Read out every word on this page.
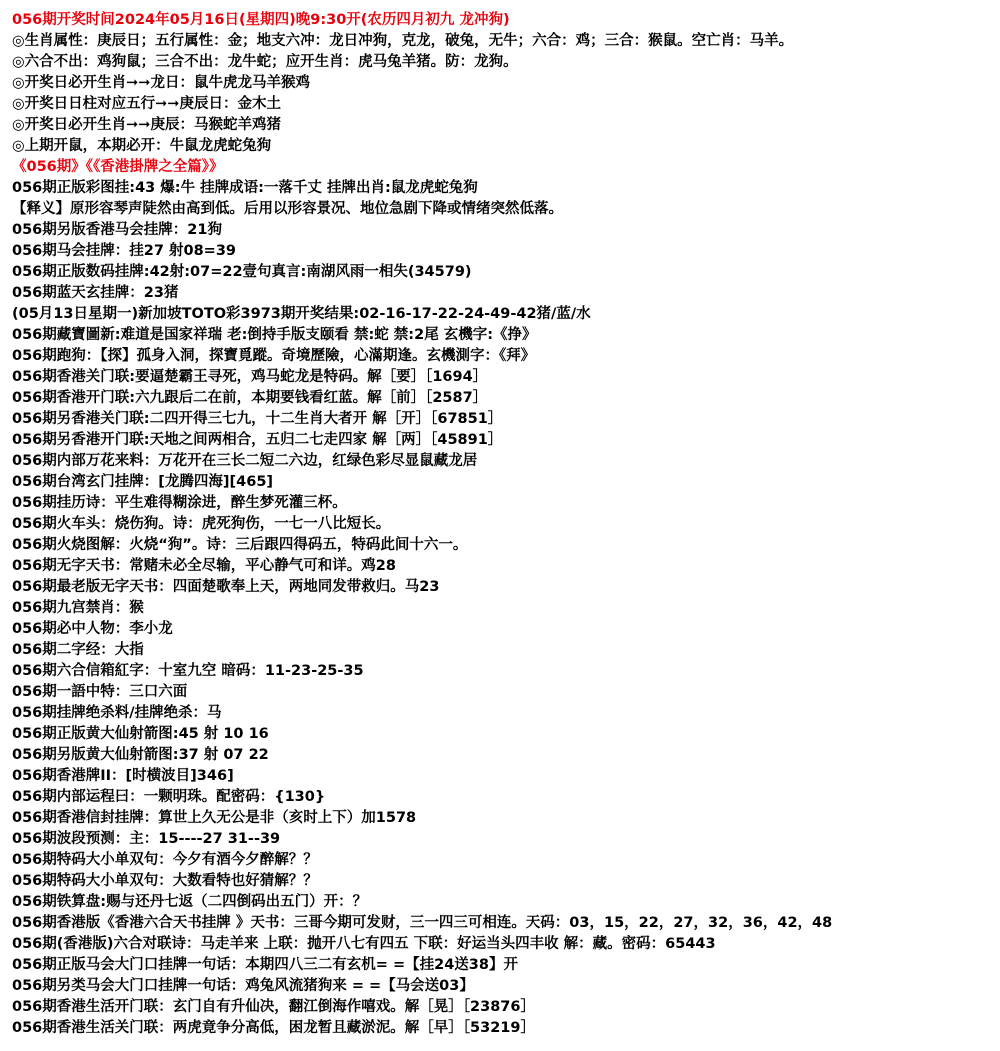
056期开奖时间2024年05月16日(星期四)晚9:30开(农历四月初九 龙冲狗)
◎生肖属性：庚辰日；五行属性：金；地支六冲：龙日冲狗，克龙，破兔，无牛；六合：鸡；三合：猴鼠。空亡肖：马羊。
◎六合不出：鸡狗鼠；三合不出：龙牛蛇；应开生肖：虎马兔羊猪。防：龙狗。
◎开奖日必开生肖➞➞龙日：鼠牛虎龙马羊猴鸡
◎开奖日日柱对应五行➞➞庚辰日：金木土
◎开奖日必开生肖➞➞庚辰：马猴蛇羊鸡猪
◎上期开鼠，本期必开：牛鼠龙虎蛇兔狗
《056期》《《香港掛牌之全篇》》
056期正版彩图挂:43 爆:牛 挂牌成语:一落千丈 挂牌出肖:鼠龙虎蛇兔狗
【释义】原形容琴声陡然由高到低。后用以形容景况、地位急剧下降或情绪突然低落。
056期另版香港马会挂牌：21狗
056期马会挂牌：挂27 射08=39
056期正版数码挂牌:42射:07=22壹句真言:南湖风雨一相失(34579)
056期蓝天玄挂牌：23猪
(05月13日星期一)新加坡TOTO彩3973期开奖结果:02-16-17-22-24-49-42猪/蓝/水
056期藏寶圖新:难道是国家祥瑞 老:倒持手版支颐看 禁:蛇 禁:2尾 玄機字:《挣》
056期跑狗：【探】孤身入洞，探寶覓蹤。奇境歷險，心滿期逢。玄機測字：《拜》
056期香港关门联:要逼楚霸王寻死，鸡马蛇龙是特码。解［要］［1694］
056期香港开门联:六九跟后二在前，本期要钱看红蓝。解［前］［2587］
056期另香港关门联:二四开得三七九，十二生肖大者开 解［开］［67851］
056期另香港开门联:天地之间两相合，五归二七走四家 解［两］［45891］
056期内部万花来料：万花开在三长二短二六边，红绿色彩尽显鼠藏龙居
056期台湾玄门挂牌：[龙腾四海][465]
056期挂历诗：平生难得糊涂进，醉生梦死灌三杯。
056期火车头：烧伤狗。诗：虎死狗伤，一七一八比短长。
056期火烧图解：火烧“狗”。诗：三后跟四得码五，特码此间十六一。
056期无字天书：常赌未必全尽输，平心静气可和详。鸡28
056期最老版无字天书：四面楚歌奉上天，两地同发带救归。马23
056期九宫禁肖：猴
056期必中人物：李小龙
056期二字经：大指
056期六合信箱紅字：十室九空 暗码：11-23-25-35
056期一語中特：三口六面
056期挂牌绝杀料/挂牌绝杀：马
056期正版黄大仙射箭图:45 射 10 16
056期另版黄大仙射箭图:37 射 07 22
056期香港牌II：[时横波目]346]
056期内部运程曰：一颗明珠。配密码：{130}
056期香港信封挂牌：算世上久无公是非（亥时上下）加1578
056期波段预测：主：15----27 31--39
056期特码大小单双句：今夕有酒今夕醉解？？
056期特码大小单双句：大数看特也好猜解？？
056期铁算盘:赐与还丹七返（二四倒码出五门）开：？
056期香港版《香港六合天书挂牌 》天书：三哥今期可发财，三一四三可相连。天码：03，15，22，27，32，36，42，48
056期(香港版)六合对联诗：马走羊来 上联：抛开八七有四五 下联：好运当头四丰收 解：藏。密码：65443
056期正版马会大门口挂牌一句话：本期四八三二有玄机= =【挂24送38】开
056期另类马会大门口挂牌一句话：鸡兔风流猪狗来 = =【马会送03】
056期香港生活开门联：玄门自有升仙决，翻江倒海作嘻戏。解［晃］［23876］
056期香港生活关门联：两虎竟争分高低，困龙暂且藏淤泥。解［早］［53219］
